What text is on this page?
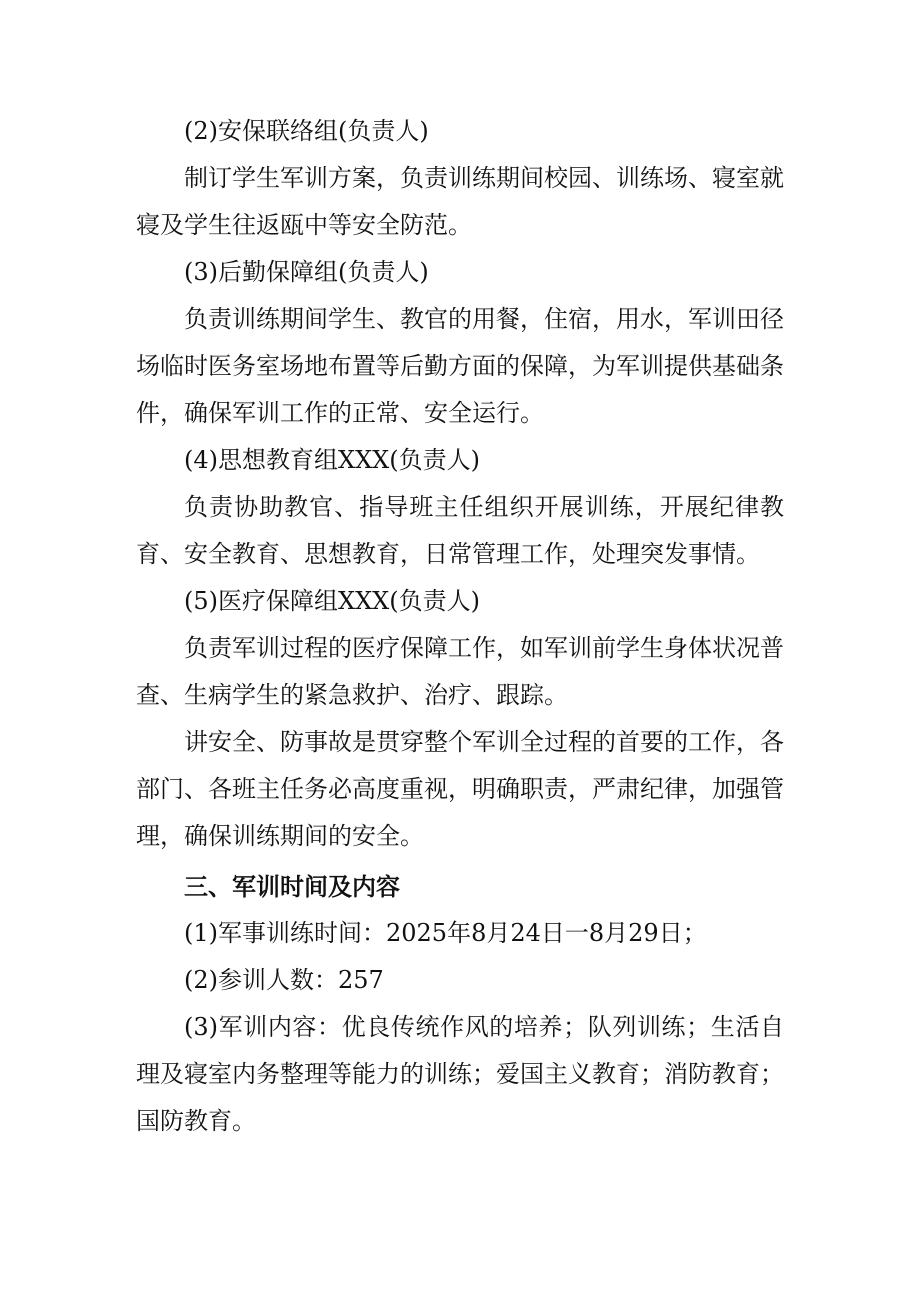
(2)安保联络组(负责人)

制订学生军训方案，负责训练期间校园、训练场、寝室就寝及学生往返瓯中等安全防范。

(3)后勤保障组(负责人)

负责训练期间学生、教官的用餐，住宿，用水，军训田径场临时医务室场地布置等后勤方面的保障，为军训提供基础条件，确保军训工作的正常、安全运行。

(4)思想教育组XXX(负责人)

负责协助教官、指导班主任组织开展训练，开展纪律教育、安全教育、思想教育，日常管理工作，处理突发事情。

(5)医疗保障组XXX(负责人)

负责军训过程的医疗保障工作，如军训前学生身体状况普查、生病学生的紧急救护、治疗、跟踪。

讲安全、防事故是贯穿整个军训全过程的首要的工作，各部门、各班主任务必高度重视，明确职责，严肃纪律，加强管理，确保训练期间的安全。

三、军训时间及内容

(1)军事训练时间：2025年8月24日一8月29日；

(2)参训人数：257

(3)军训内容：优良传统作风的培养；队列训练；生活自理及寝室内务整理等能力的训练；爱国主义教育；消防教育；国防教育。
